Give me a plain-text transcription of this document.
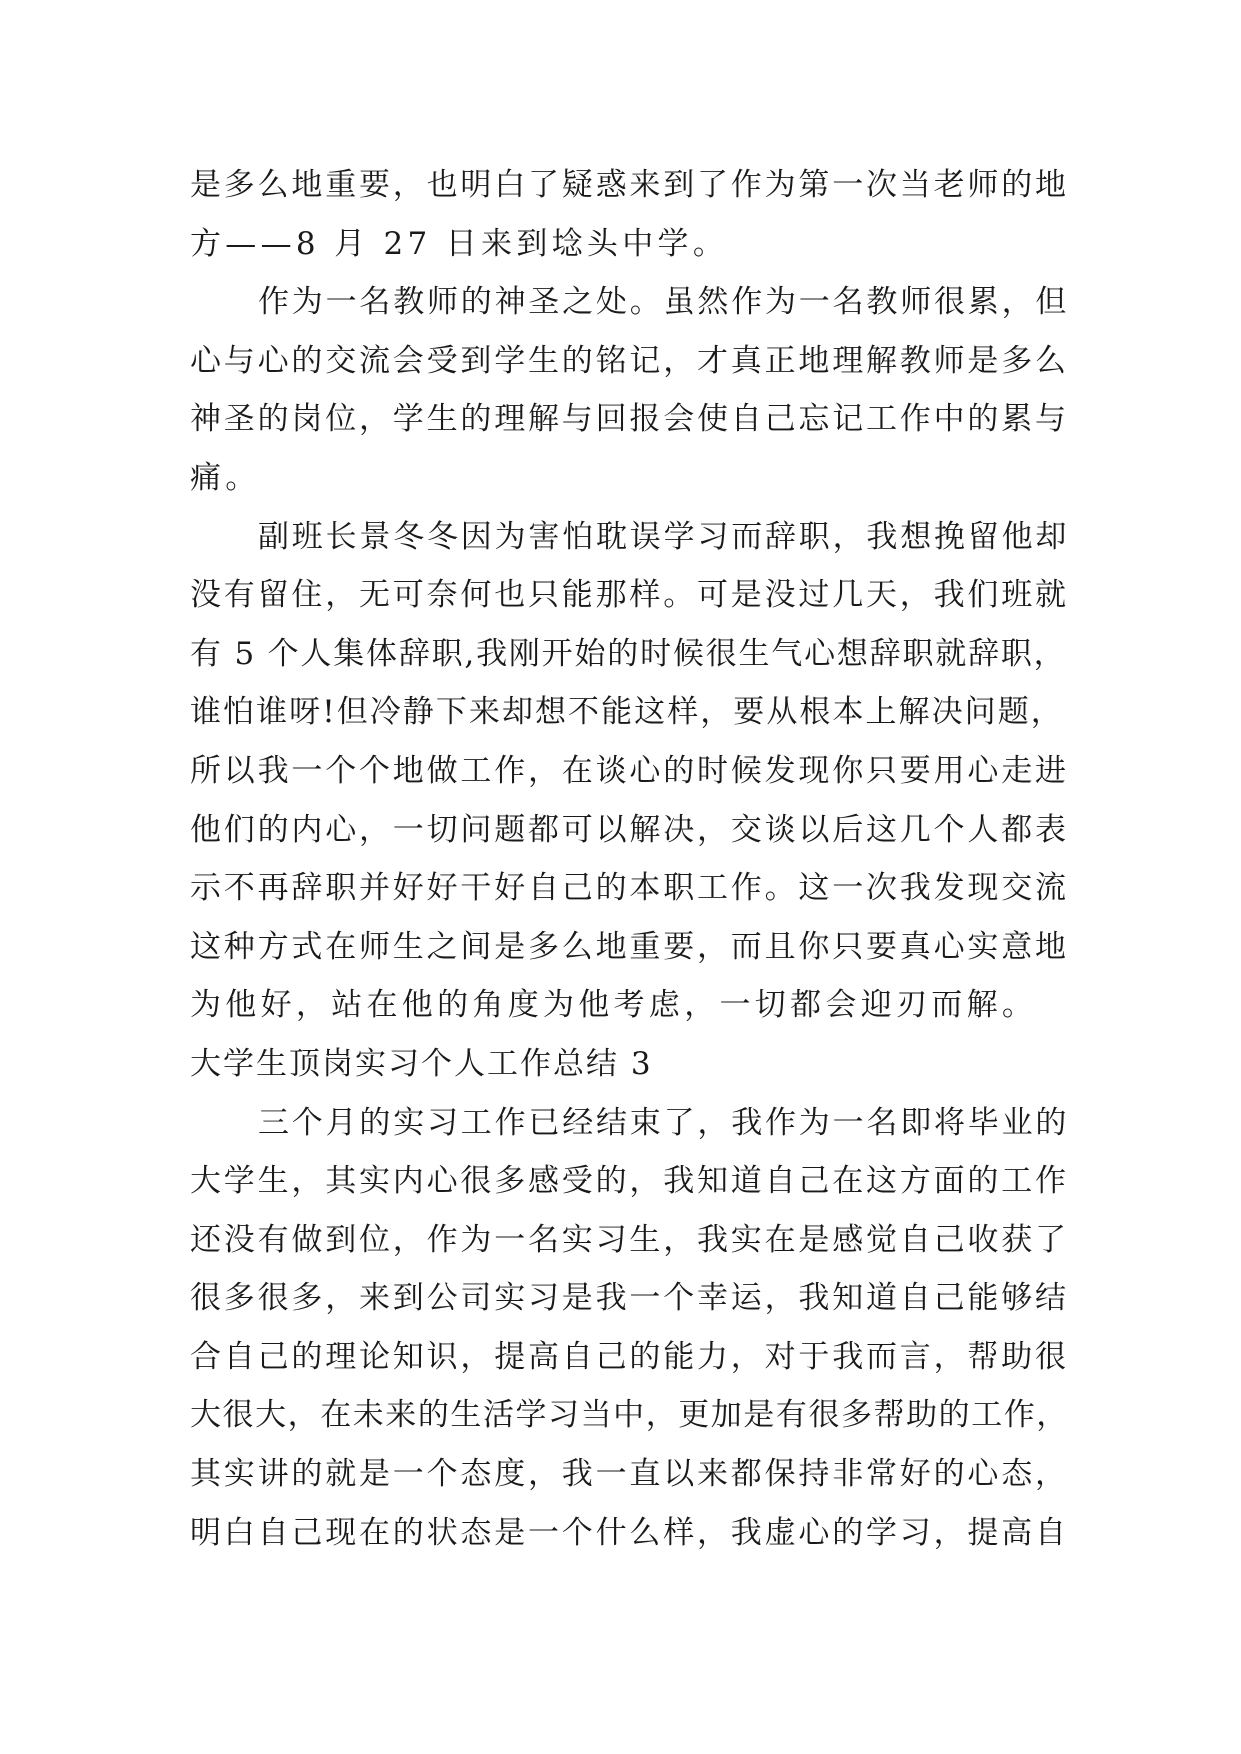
是多么地重要，也明白了疑惑来到了作为第一次当老师的地
方——8 月 27 日来到埝头中学。
作为一名教师的神圣之处。虽然作为一名教师很累，但
心与心的交流会受到学生的铭记，才真正地理解教师是多么
神圣的岗位，学生的理解与回报会使自己忘记工作中的累与
痛。
副班长景冬冬因为害怕耽误学习而辞职，我想挽留他却
没有留住，无可奈何也只能那样。可是没过几天，我们班就
有 5 个人集体辞职,我刚开始的时候很生气心想辞职就辞职，
谁怕谁呀!但冷静下来却想不能这样，要从根本上解决问题，
所以我一个个地做工作，在谈心的时候发现你只要用心走进
他们的内心，一切问题都可以解决，交谈以后这几个人都表
示不再辞职并好好干好自己的本职工作。这一次我发现交流
这种方式在师生之间是多么地重要，而且你只要真心实意地
为他好，站在他的角度为他考虑，一切都会迎刃而解。
大学生顶岗实习个人工作总结 3
三个月的实习工作已经结束了，我作为一名即将毕业的
大学生，其实内心很多感受的，我知道自己在这方面的工作
还没有做到位，作为一名实习生，我实在是感觉自己收获了
很多很多，来到公司实习是我一个幸运，我知道自己能够结
合自己的理论知识，提高自己的能力，对于我而言，帮助很
大很大，在未来的生活学习当中，更加是有很多帮助的工作，
其实讲的就是一个态度，我一直以来都保持非常好的心态，
明白自己现在的状态是一个什么样，我虚心的学习，提高自
